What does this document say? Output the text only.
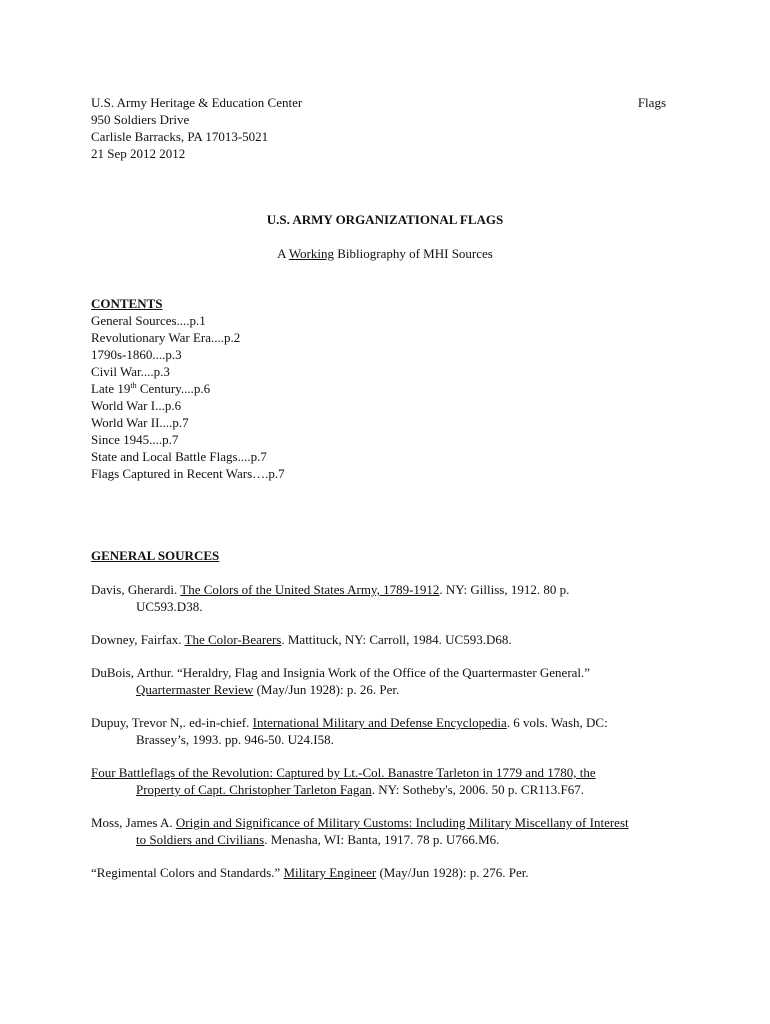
U.S. Army Heritage & Education Center
950 Soldiers Drive
Carlisle Barracks, PA 17013-5021
21 Sep 2012 2012
Flags
U.S. ARMY ORGANIZATIONAL FLAGS
A Working Bibliography of MHI Sources
CONTENTS
General Sources....p.1
Revolutionary War Era....p.2
1790s-1860....p.3
Civil War....p.3
Late 19th Century....p.6
World War I...p.6
World War II....p.7
Since 1945....p.7
State and Local Battle Flags....p.7
Flags Captured in Recent Wars….p.7
GENERAL SOURCES
Davis, Gherardi. The Colors of the United States Army, 1789-1912. NY: Gilliss, 1912. 80 p.
UC593.D38.
Downey, Fairfax. The Color-Bearers. Mattituck, NY: Carroll, 1984. UC593.D68.
DuBois, Arthur. “Heraldry, Flag and Insignia Work of the Office of the Quartermaster General.”
Quartermaster Review (May/Jun 1928): p. 26. Per.
Dupuy, Trevor N,. ed-in-chief. International Military and Defense Encyclopedia. 6 vols. Wash, DC:
Brassey’s, 1993. pp. 946-50. U24.I58.
Four Battleflags of the Revolution: Captured by Lt.-Col. Banastre Tarleton in 1779 and 1780, the
Property of Capt. Christopher Tarleton Fagan. NY: Sotheby's, 2006. 50 p. CR113.F67.
Moss, James A. Origin and Significance of Military Customs: Including Military Miscellany of Interest
to Soldiers and Civilians. Menasha, WI: Banta, 1917. 78 p. U766.M6.
“Regimental Colors and Standards.” Military Engineer (May/Jun 1928): p. 276. Per.
